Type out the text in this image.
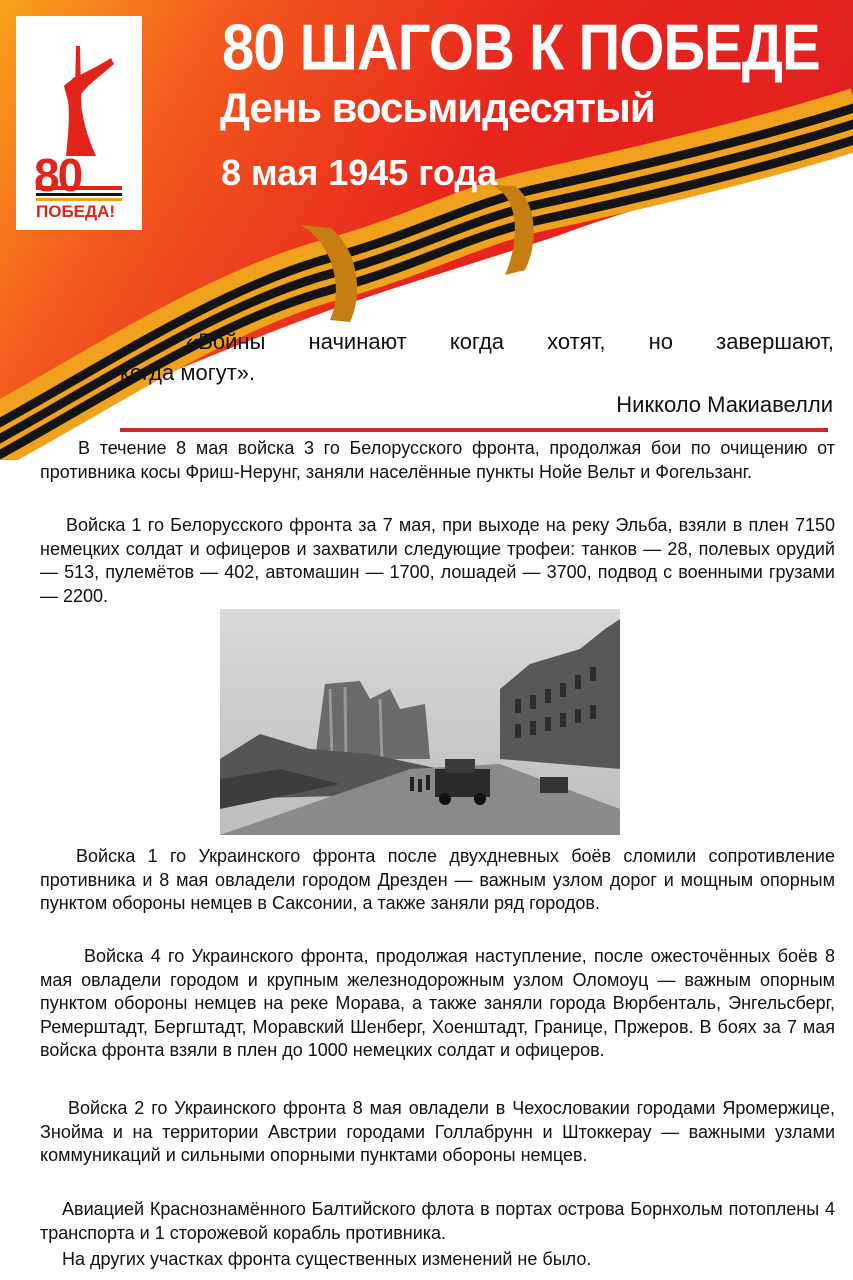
80
ПОБЕДА!
80 ШАГОВ К ПОБЕДЕ
День восьмидесятый
8 мая 1945 года
«Войны начинают когда хотят, но завершают,
когда могут».
Никколо Макиавелли

В течение 8 мая войска 3 го Белорусского фронта, продолжая бои по очищению от противника косы Фриш-Нерунг, заняли населённые пункты Нойе Вельт и Фогельзанг.

Войска 1 го Белорусского фронта за 7 мая, при выходе на реку Эльба, взяли в плен 7150 немецких солдат и офицеров и захватили следующие трофеи: танков — 28, полевых орудий — 513, пулемётов — 402, автомашин — 1700, лошадей — 3700, подвод с военными грузами — 2200.

Войска 1 го Украинского фронта после двухдневных боёв сломили сопротивление противника и 8 мая овладели городом Дрезден — важным узлом дорог и мощным опорным пунктом обороны немцев в Саксонии, а также заняли ряд городов.

Войска 4 го Украинского фронта, продолжая наступление, после ожесточённых боёв 8 мая овладели городом и крупным железнодорожным узлом Оломоуц — важным опорным пунктом обороны немцев на реке Морава, а также заняли города Вюрбенталь, Энгельсберг, Ремерштадт, Бергштадт, Моравский Шенберг, Хоенштадт, Границе, Пржеров. В боях за 7 мая войска фронта взяли в плен до 1000 немецких солдат и офицеров.

Войска 2 го Украинского фронта 8 мая овладели в Чехословакии городами Яромержице, Знойма и на территории Австрии городами Голлабрунн и Штоккерау — важными узлами коммуникаций и сильными опорными пунктами обороны немцев.

Авиацией Краснознамённого Балтийского флота в портах острова Борнхольм потоплены 4 транспорта и 1 сторожевой корабль противника.

На других участках фронта существенных изменений не было.
